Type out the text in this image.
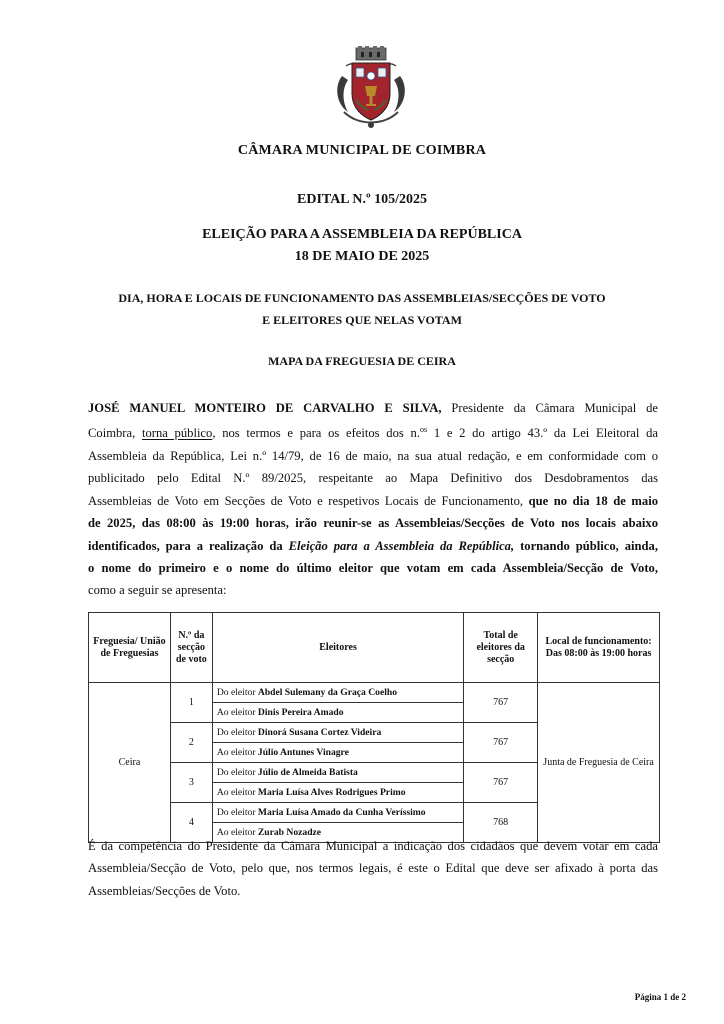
CÂMARA MUNICIPAL DE COIMBRA
EDITAL N.º 105/2025
ELEIÇÃO PARA A ASSEMBLEIA DA REPÚBLICA
18 DE MAIO DE 2025
DIA, HORA E LOCAIS DE FUNCIONAMENTO DAS ASSEMBLEIAS/SECÇÕES DE VOTO
E ELEITORES QUE NELAS VOTAM
MAPA DA FREGUESIA DE CEIRA
JOSÉ MANUEL MONTEIRO DE CARVALHO E SILVA, Presidente da Câmara Municipal de
Coimbra, torna público, nos termos e para os efeitos dos n.$^{os}$ 1 e 2 do artigo 43.º da Lei Eleitoral da
Assembleia da República, Lei n.º 14/79, de 16 de maio, na sua atual redação, e em conformidade com o
publicitado pelo Edital N.º 89/2025, respeitante ao Mapa Definitivo dos Desdobramentos das
Assembleias de Voto em Secções de Voto e respetivos Locais de Funcionamento, que no dia 18 de maio
de 2025, das 08:00 às 19:00 horas, irão reunir-se as Assembleias/Secções de Voto nos locais abaixo
identificados, para a realização da Eleição para a Assembleia da República, tornando público, ainda,
o nome do primeiro e o nome do último eleitor que votam em cada Assembleia/Secção de Voto,
como a seguir se apresenta:
Freguesia/ União de Freguesias	N.º da secção de voto	Eleitores	Total de eleitores da secção	Local de funcionamento: Das 08:00 às 19:00 horas
Ceira	1	Do eleitor Abdel Sulemany da Graça Coelho	767	Junta de Freguesia de Ceira
		Ao eleitor Dinis Pereira Amado		
	2	Do eleitor Dinorá Susana Cortez Videira	767	
		Ao eleitor Júlio Antunes Vinagre		
	3	Do eleitor Júlio de Almeida Batista	767	
		Ao eleitor Maria Luísa Alves Rodrigues Primo		
	4	Do eleitor Maria Luísa Amado da Cunha Veríssimo	768	
		Ao eleitor Zurab Nozadze		
É da competência do Presidente da Câmara Municipal a indicação dos cidadãos que devem votar em cada
Assembleia/Secção de Voto, pelo que, nos termos legais, é este o Edital que deve ser afixado à porta das
Assembleias/Secções de Voto.
Página 1 de 2
